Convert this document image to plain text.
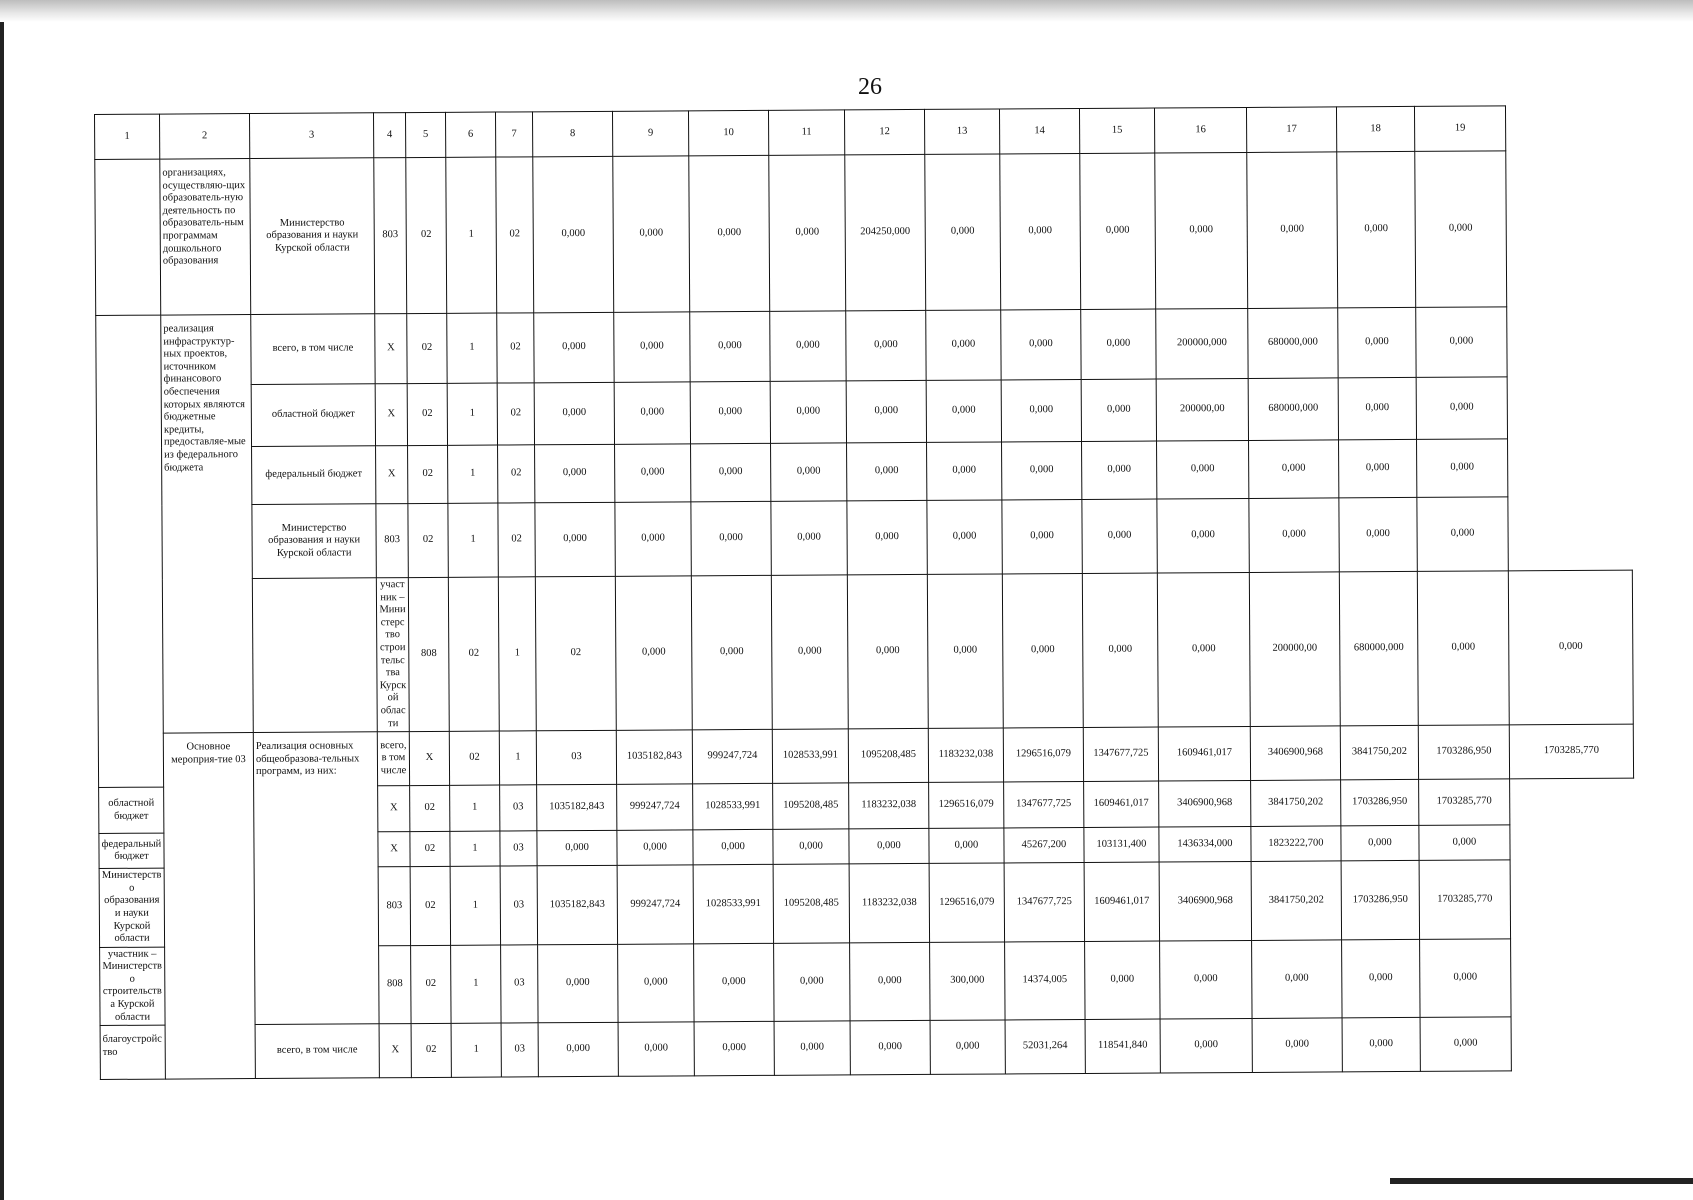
26
1	2	3	4	5	6	7	8	9	10	11	12	13	14	15	16	17	18	19	
	организациях, осуществляю-щих образователь-ную деятельность по образователь-ным программам дошкольного образования	Министерство образования и науки Курской области	803	02	1	02	0,000	0,000	0,000	0,000	204250,000	0,000	0,000	0,000	0,000	0,000	0,000	0,000	
	реализация инфраструктур-ных проектов, источником финансового обеспечения которых являются бюджетные кредиты, предоставляе-мые из федерального бюджета	всего, в том числе	Х	02	1	02	0,000	0,000	0,000	0,000	0,000	0,000	0,000	0,000	200000,000	680000,000	0,000	0,000	
		областной бюджет	Х	02	1	02	0,000	0,000	0,000	0,000	0,000	0,000	0,000	0,000	200000,00	680000,000	0,000	0,000	
		федеральный бюджет	Х	02	1	02	0,000	0,000	0,000	0,000	0,000	0,000	0,000	0,000	0,000	0,000	0,000	0,000	
		Министерство образования и науки Курской области	803	02	1	02	0,000	0,000	0,000	0,000	0,000	0,000	0,000	0,000	0,000	0,000	0,000	0,000	
			участник – Министерство строительства Курской области	808	02	1	02	0,000	0,000	0,000	0,000	0,000	0,000	0,000	0,000	200000,00	680000,000	0,000	0,000
	Основное мероприя-тие 03	Реализация основных общеобразова-тельных программ, из них:	всего, в том числе	Х	02	1	03	1035182,843	999247,724	1028533,991	1095208,485	1183232,038	1296516,079	1347677,725	1609461,017	3406900,968	3841750,202	1703286,950	1703285,770
областной бюджет			Х	02	1	03	1035182,843	999247,724	1028533,991	1095208,485	1183232,038	1296516,079	1347677,725	1609461,017	3406900,968	3841750,202	1703286,950	1703285,770	
федеральный бюджет			Х	02	1	03	0,000	0,000	0,000	0,000	0,000	0,000	45267,200	103131,400	1436334,000	1823222,700	0,000	0,000	
Министерство образования и науки Курской области			803	02	1	03	1035182,843	999247,724	1028533,991	1095208,485	1183232,038	1296516,079	1347677,725	1609461,017	3406900,968	3841750,202	1703286,950	1703285,770	
участник – Министерство строительства Курской области			808	02	1	03	0,000	0,000	0,000	0,000	0,000	300,000	14374,005	0,000	0,000	0,000	0,000	0,000	
благоустройство		всего, в том числе	Х	02	1	03	0,000	0,000	0,000	0,000	0,000	0,000	52031,264	118541,840	0,000	0,000	0,000	0,000	
